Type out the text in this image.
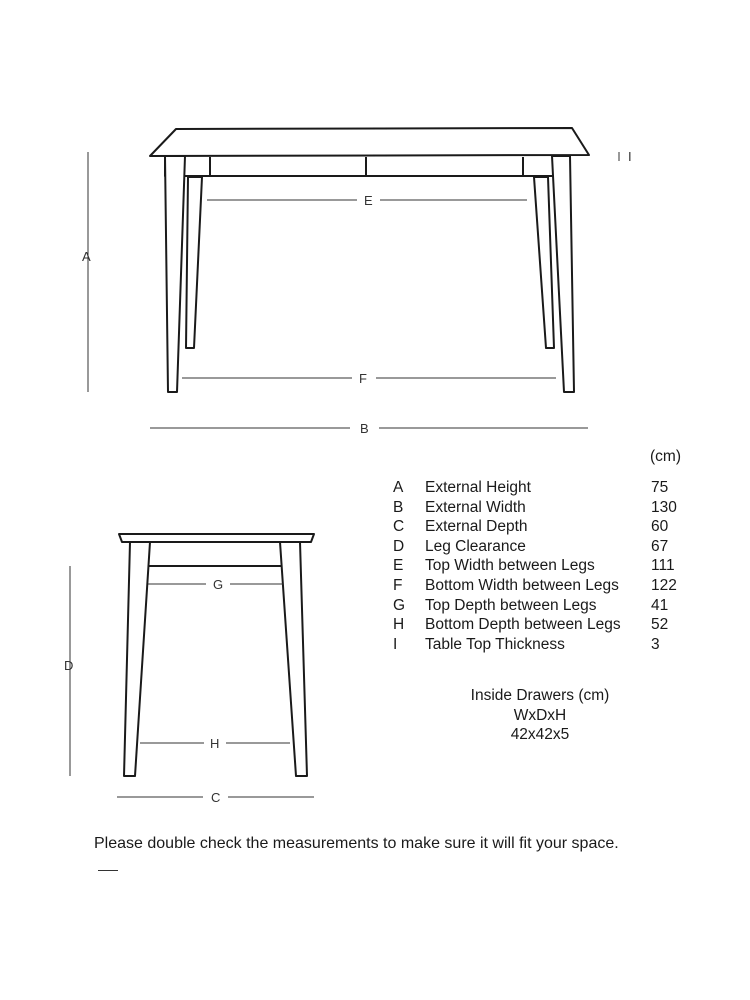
A
E
F
B
I
D
G
H
C
(cm)
A External Height	75
B External Width	130
C External Depth	60
D Leg Clearance	67
E Top Width between Legs	111
F Bottom Width between Legs 122
G Top Depth between Legs	41
H Bottom Depth between Legs 52
I Table Top Thickness	3
Inside Drawers (cm)
WxDxH
42x42x5
Please double check the measurements to make sure it will fit your space.
